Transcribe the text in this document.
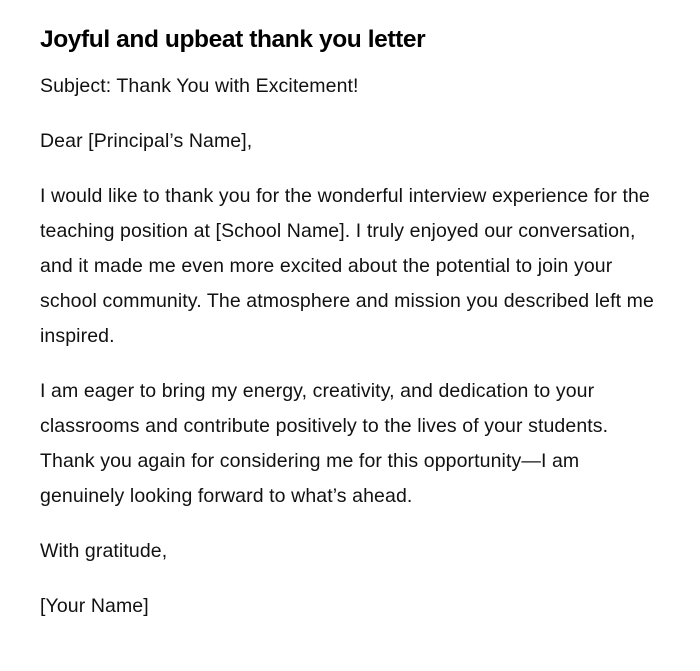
Joyful and upbeat thank you letter

Subject: Thank You with Excitement!

Dear [Principal’s Name],

I would like to thank you for the wonderful interview experience for the teaching position at [School Name]. I truly enjoyed our conversation, and it made me even more excited about the potential to join your school community. The atmosphere and mission you described left me inspired.

I am eager to bring my energy, creativity, and dedication to your classrooms and contribute positively to the lives of your students. Thank you again for considering me for this opportunity—I am genuinely looking forward to what’s ahead.

With gratitude,

[Your Name]
